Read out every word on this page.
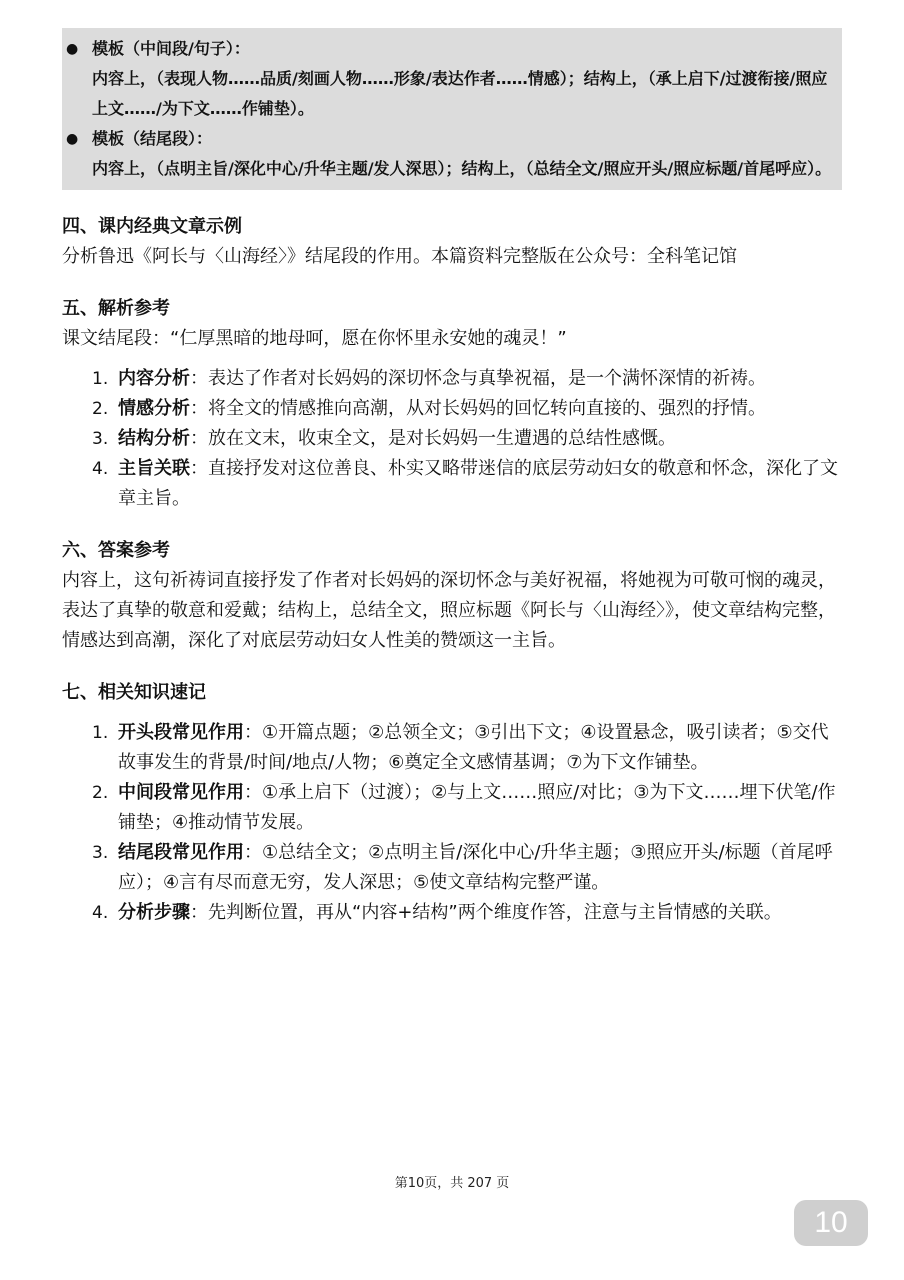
● 模板（中间段/句子）：
内容上，（表现人物……品质/刻画人物……形象/表达作者……情感）；结构上，（承上启下/过渡衔接/照应上文……/为下文……作铺垫）。
● 模板（结尾段）：
内容上，（点明主旨/深化中心/升华主题/发人深思）；结构上，（总结全文/照应开头/照应标题/首尾呼应）。
四、课内经典文章示例
分析鲁迅《阿长与〈山海经〉》结尾段的作用。本篇资料完整版在公众号：全科笔记馆
五、解析参考
课文结尾段：“仁厚黑暗的地母呵，愿在你怀里永安她的魂灵！”
1. 内容分析：表达了作者对长妈妈的深切怀念与真挚祝福，是一个满怀深情的祈祷。
2. 情感分析：将全文的情感推向高潮，从对长妈妈的回忆转向直接的、强烈的抒情。
3. 结构分析：放在文末，收束全文，是对长妈妈一生遭遇的总结性感慨。
4. 主旨关联：直接抒发对这位善良、朴实又略带迷信的底层劳动妇女的敬意和怀念，深化了文章主旨。
六、答案参考
内容上，这句祈祷词直接抒发了作者对长妈妈的深切怀念与美好祝福，将她视为可敬可悯的魂灵，表达了真挚的敬意和爱戴；结构上，总结全文，照应标题《阿长与〈山海经〉》，使文章结构完整，情感达到高潮，深化了对底层劳动妇女人性美的赞颂这一主旨。
七、相关知识速记
1. 开头段常见作用：①开篇点题；②总领全文；③引出下文；④设置悬念，吸引读者；⑤交代故事发生的背景/时间/地点/人物；⑥奠定全文感情基调；⑦为下文作铺垫。
2. 中间段常见作用：①承上启下（过渡）；②与上文……照应/对比；③为下文……埋下伏笔/作铺垫；④推动情节发展。
3. 结尾段常见作用：①总结全文；②点明主旨/深化中心/升华主题；③照应开头/标题（首尾呼应）；④言有尽而意无穷，发人深思；⑤使文章结构完整严谨。
4. 分析步骤：先判断位置，再从“内容+结构”两个维度作答，注意与主旨情感的关联。
第10页，共 207 页
10
